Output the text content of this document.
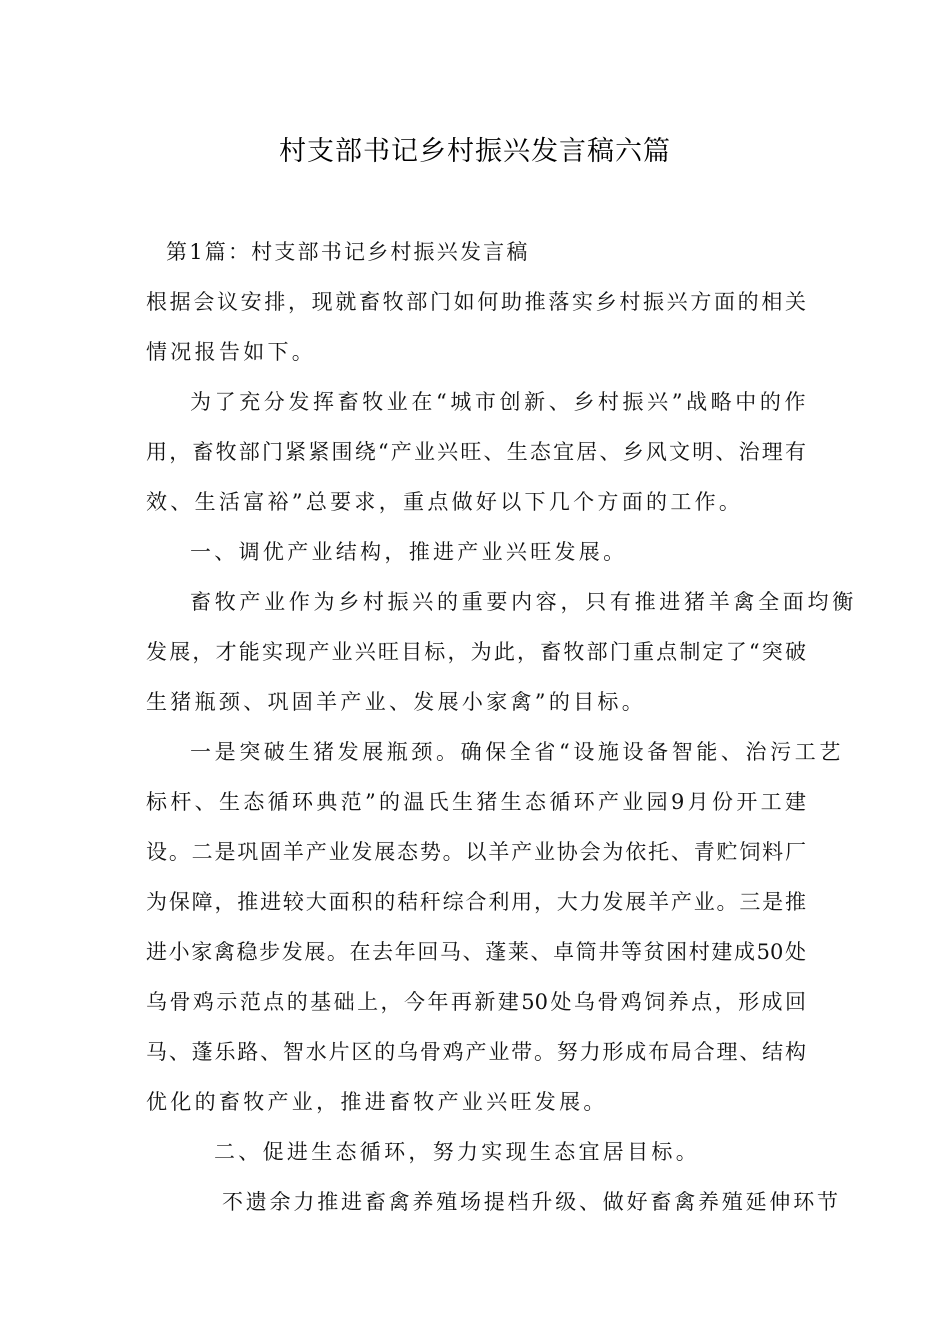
村支部书记乡村振兴发言稿六篇
第1篇：村支部书记乡村振兴发言稿
根据会议安排，现就畜牧部门如何助推落实乡村振兴方面的相关
情况报告如下。
为了充分发挥畜牧业在“城市创新、乡村振兴”战略中的作
用，畜牧部门紧紧围绕“产业兴旺、生态宜居、乡风文明、治理有
效、生活富裕”总要求，重点做好以下几个方面的工作。
一、调优产业结构，推进产业兴旺发展。
畜牧产业作为乡村振兴的重要内容，只有推进猪羊禽全面均衡
发展，才能实现产业兴旺目标，为此，畜牧部门重点制定了“突破
生猪瓶颈、巩固羊产业、发展小家禽”的目标。
一是突破生猪发展瓶颈。确保全省“设施设备智能、治污工艺
标杆、生态循环典范”的温氏生猪生态循环产业园9月份开工建
设。二是巩固羊产业发展态势。以羊产业协会为依托、青贮饲料厂
为保障，推进较大面积的秸秆综合利用，大力发展羊产业。三是推
进小家禽稳步发展。在去年回马、蓬莱、卓筒井等贫困村建成50处
乌骨鸡示范点的基础上，今年再新建50处乌骨鸡饲养点，形成回
马、蓬乐路、智水片区的乌骨鸡产业带。努力形成布局合理、结构
优化的畜牧产业，推进畜牧产业兴旺发展。
二、促进生态循环，努力实现生态宜居目标。
不遗余力推进畜禽养殖场提档升级、做好畜禽养殖延伸环节
